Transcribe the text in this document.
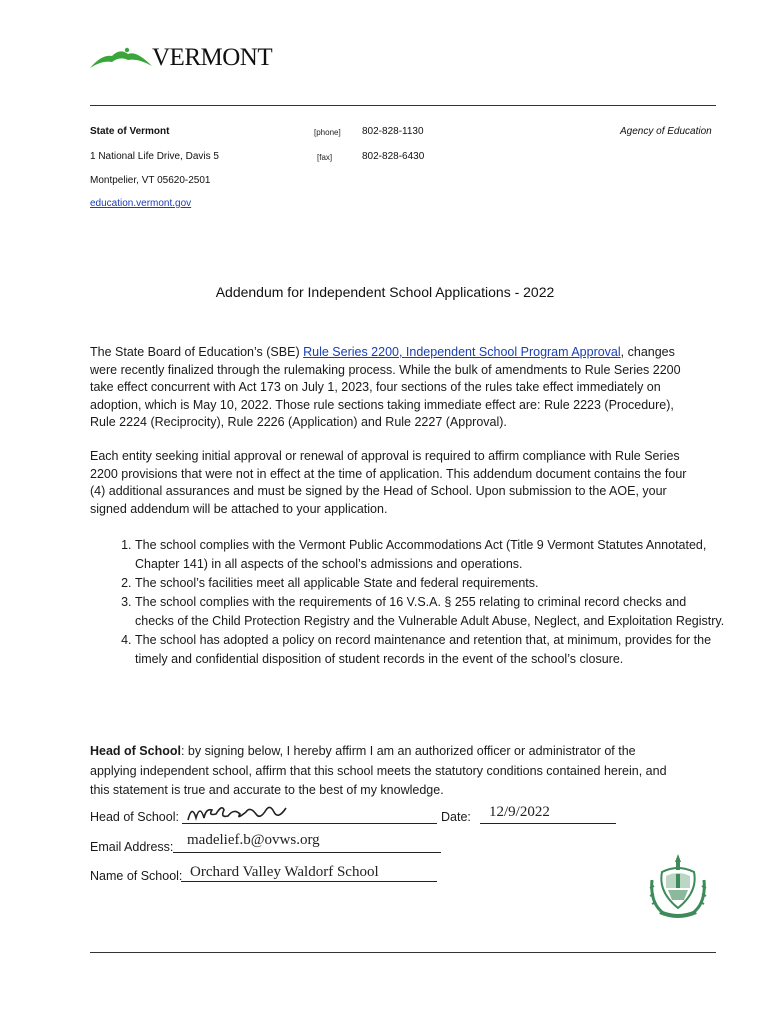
VERMONT
State of Vermont
1 National Life Drive, Davis 5
Montpelier, VT 05620-2501
education.vermont.gov
[phone] 802-828-1130
[fax]	802-828-6430
Agency of Education
Addendum for Independent School Applications - 2022
The State Board of Education’s (SBE) Rule Series 2200, Independent School Program Approval, changes were recently finalized through the rulemaking process. While the bulk of amendments to Rule Series 2200 take effect concurrent with Act 173 on July 1, 2023, four sections of the rules take effect immediately on adoption, which is May 10, 2022. Those rule sections taking immediate effect are: Rule 2223 (Procedure), Rule 2224 (Reciprocity), Rule 2226 (Application) and Rule 2227 (Approval).
Each entity seeking initial approval or renewal of approval is required to affirm compliance with Rule Series 2200 provisions that were not in effect at the time of application. This addendum document contains the four (4) additional assurances and must be signed by the Head of School. Upon submission to the AOE, your signed addendum will be attached to your application.
1. The school complies with the Vermont Public Accommodations Act (Title 9 Vermont Statutes Annotated, Chapter 141) in all aspects of the school’s admissions and operations.
2. The school’s facilities meet all applicable State and federal requirements.
3. The school complies with the requirements of 16 V.S.A. § 255 relating to criminal record checks and checks of the Child Protection Registry and the Vulnerable Adult Abuse, Neglect, and Exploitation Registry.
4. The school has adopted a policy on record maintenance and retention that, at minimum, provides for the timely and confidential disposition of student records in the event of the school’s closure.
Head of School: by signing below, I hereby affirm I am an authorized officer or administrator of the applying independent school, affirm that this school meets the statutory conditions contained herein, and this statement is true and accurate to the best of my knowledge.
Head of School:	Date: 12/9/2022
Email Address: madelief.b@ovws.org
Name of School: Orchard Valley Waldorf School
